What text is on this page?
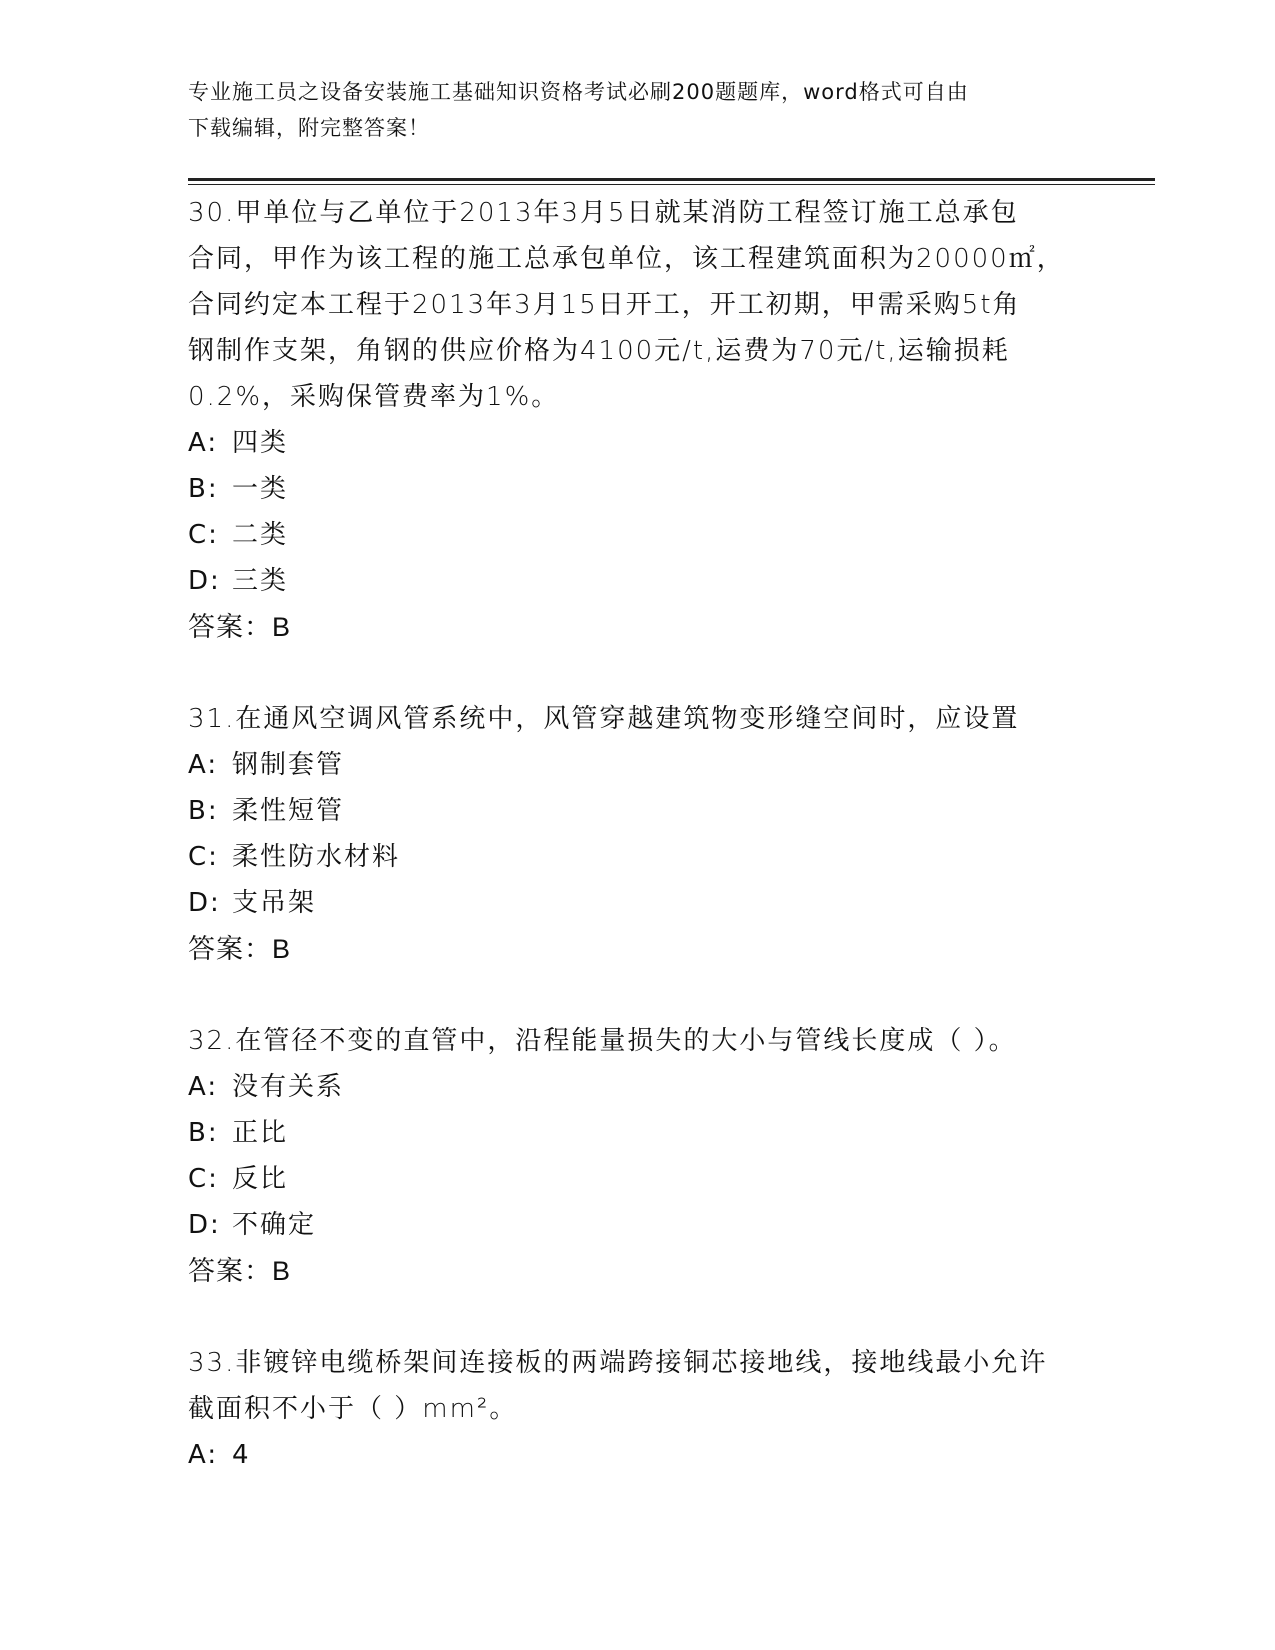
专业施工员之设备安装施工基础知识资格考试必刷200题题库，word格式可自由
下载编辑，附完整答案！

30.甲单位与乙单位于2013年3月5日就某消防工程签订施工总承包

合同，甲作为该工程的施工总承包单位，该工程建筑面积为20000㎡，

合同约定本工程于2013年3月15日开工，开工初期，甲需采购5t角

钢制作支架，角钢的供应价格为4100元/t,运费为70元/t,运输损耗

0.2%，采购保管费率为1%。

A: 四类

B: 一类

C: 二类

D: 三类

答案：B

31.在通风空调风管系统中，风管穿越建筑物变形缝空间时，应设置

A: 钢制套管

B: 柔性短管

C: 柔性防水材料

D: 支吊架

答案：B

32.在管径不变的直管中，沿程能量损失的大小与管线长度成（ ）。

A: 没有关系

B: 正比

C: 反比

D: 不确定

答案：B

33.非镀锌电缆桥架间连接板的两端跨接铜芯接地线，接地线最小允许

截面积不小于（ ）mm²。

A: 4
